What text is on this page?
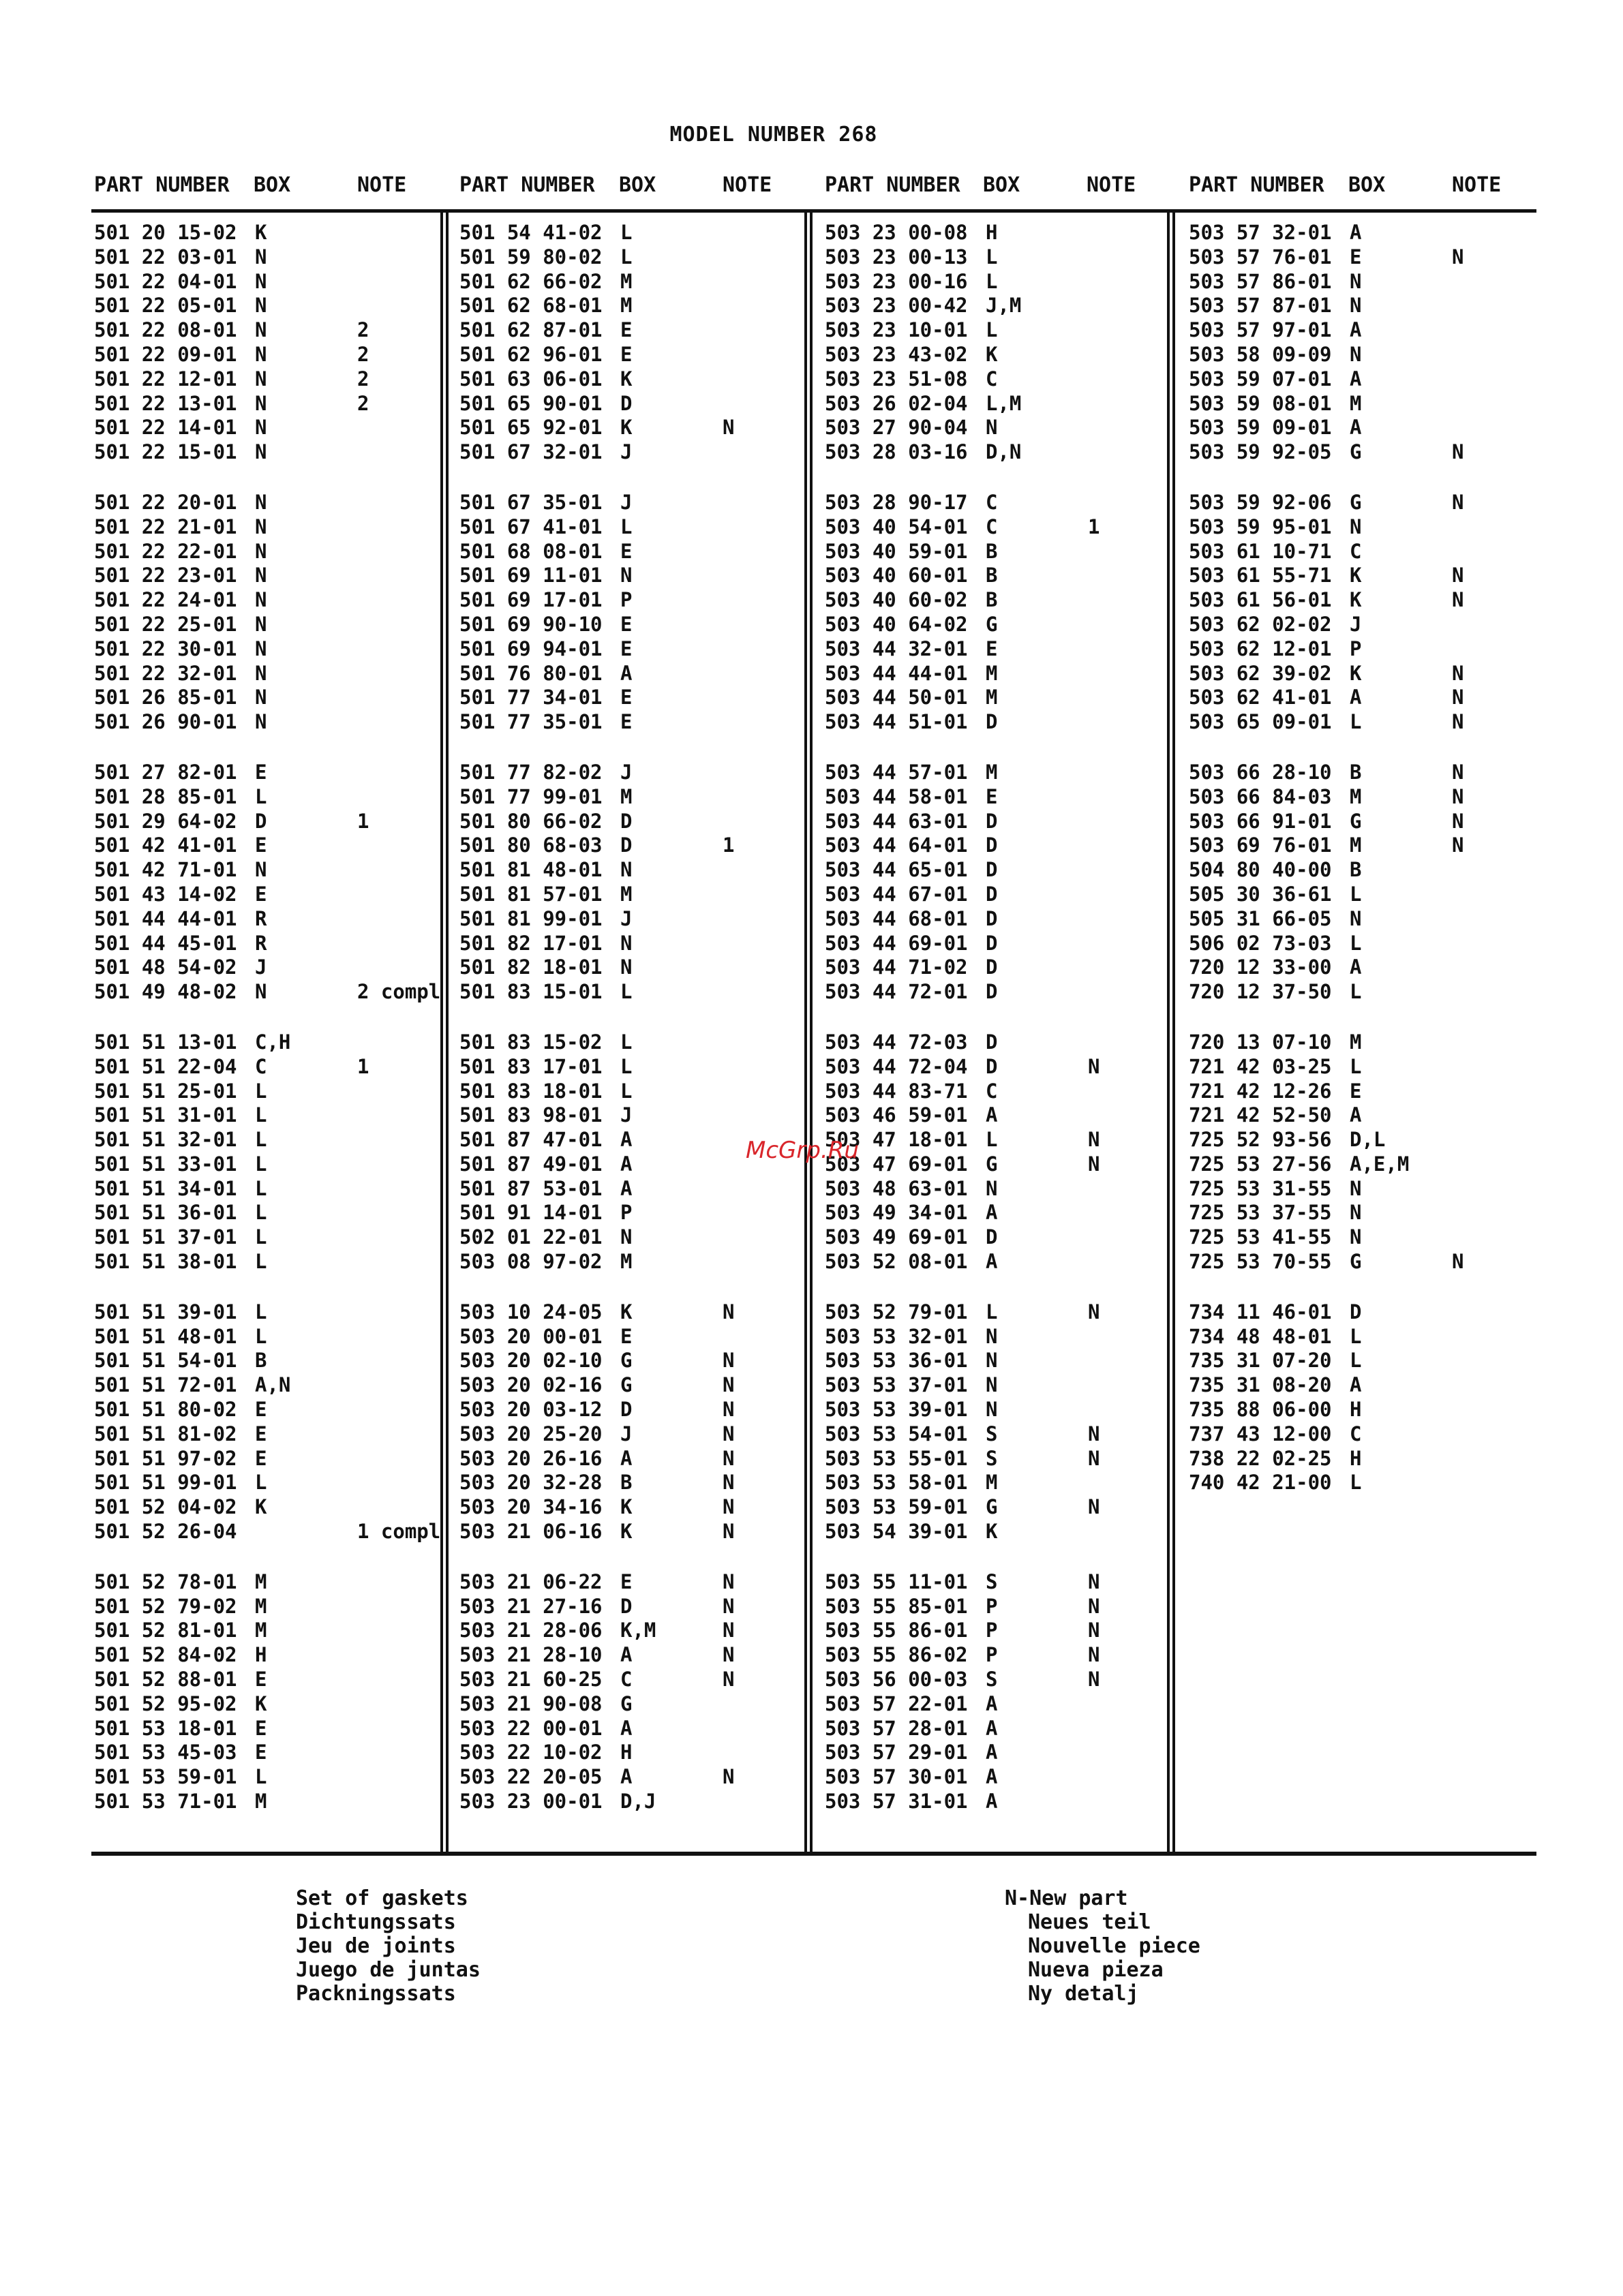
MODEL NUMBER 268
PART NUMBER BOX	NOTE	PART NUMBER BOX	NOTE	PART NUMBER BOX	NOTE	PART NUMBER BOX	NOTE
501 20 15-02 K
501 22 03-01 N
501 22 04-01 N
501 22 05-01 N
501 22 08-01 N	2
501 22 09-01 N	2
501 22 12-01 N	2
501 22 13-01 N	2
501 22 14-01 N
501 22 15-01 N
501 22 20-01 N
501 22 21-01 N
501 22 22-01 N
501 22 23-01 N
501 22 24-01 N
501 22 25-01 N
501 22 30-01 N
501 22 32-01 N
501 26 85-01 N
501 26 90-01 N
501 27 82-01 E
501 28 85-01 L
501 29 64-02 D	1
501 42 41-01 E
501 42 71-01 N
501 43 14-02 E
501 44 44-01 R
501 44 45-01 R
501 48 54-02 J
501 49 48-02 N	2 compl
501 51 13-01 C,H
501 51 22-04 C	1
501 51 25-01 L
501 51 31-01 L
501 51 32-01 L
501 51 33-01 L
501 51 34-01 L
501 51 36-01 L
501 51 37-01 L
501 51 38-01 L
501 51 39-01 L
501 51 48-01 L
501 51 54-01 B
501 51 72-01 A,N
501 51 80-02 E
501 51 81-02 E
501 51 97-02 E
501 51 99-01 L
501 52 04-02 K
501 52 26-04	1 compl
501 52 78-01 M
501 52 79-02 M
501 52 81-01 M
501 52 84-02 H
501 52 88-01 E
501 52 95-02 K
501 53 18-01 E
501 53 45-03 E
501 53 59-01 L
501 53 71-01 M
501 54 41-02 L
501 59 80-02 L
501 62 66-02 M
501 62 68-01 M
501 62 87-01 E
501 62 96-01 E
501 63 06-01 K
501 65 90-01 D
501 65 92-01 K	N
501 67 32-01 J
501 67 35-01 J
501 67 41-01 L
501 68 08-01 E
501 69 11-01 N
501 69 17-01 P
501 69 90-10 E
501 69 94-01 E
501 76 80-01 A
501 77 34-01 E
501 77 35-01 E
501 77 82-02 J
501 77 99-01 M
501 80 66-02 D
501 80 68-03 D	1
501 81 48-01 N
501 81 57-01 M
501 81 99-01 J
501 82 17-01 N
501 82 18-01 N
501 83 15-01 L
501 83 15-02 L
501 83 17-01 L
501 83 18-01 L
501 83 98-01 J
501 87 47-01 A
501 87 49-01 A
501 87 53-01 A
501 91 14-01 P
502 01 22-01 N
503 08 97-02 M
503 10 24-05 K	N
503 20 00-01 E
503 20 02-10 G	N
503 20 02-16 G	N
503 20 03-12 D	N
503 20 25-20 J	N
503 20 26-16 A	N
503 20 32-28 B	N
503 20 34-16 K	N
503 21 06-16 K	N
503 21 06-22 E	N
503 21 27-16 D	N
503 21 28-06 K,M	N
503 21 28-10 A	N
503 21 60-25 C	N
503 21 90-08 G
503 22 00-01 A
503 22 10-02 H
503 22 20-05 A	N
503 23 00-01 D,J
503 23 00-08 H
503 23 00-13 L
503 23 00-16 L
503 23 00-42 J,M
503 23 10-01 L
503 23 43-02 K
503 23 51-08 C
503 26 02-04 L,M
503 27 90-04 N
503 28 03-16 D,N
503 28 90-17 C
503 40 54-01 C	1
503 40 59-01 B
503 40 60-01 B
503 40 60-02 B
503 40 64-02 G
503 44 32-01 E
503 44 44-01 M
503 44 50-01 M
503 44 51-01 D
503 44 57-01 M
503 44 58-01 E
503 44 63-01 D
503 44 64-01 D
503 44 65-01 D
503 44 67-01 D
503 44 68-01 D
503 44 69-01 D
503 44 71-02 D
503 44 72-01 D
503 44 72-03 D
503 44 72-04 D	N
503 44 83-71 C
503 46 59-01 A
503 47 18-01 L	N
503 47 69-01 G	N
503 48 63-01 N
503 49 34-01 A
503 49 69-01 D
503 52 08-01 A
503 52 79-01 L	N
503 53 32-01 N
503 53 36-01 N
503 53 37-01 N
503 53 39-01 N
503 53 54-01 S	N
503 53 55-01 S	N
503 53 58-01 M
503 53 59-01 G	N
503 54 39-01 K
503 55 11-01 S	N
503 55 85-01 P	N
503 55 86-01 P	N
503 55 86-02 P	N
503 56 00-03 S	N
503 57 22-01 A
503 57 28-01 A
503 57 29-01 A
503 57 30-01 A
503 57 31-01 A
503 57 32-01 A
503 57 76-01 E	N
503 57 86-01 N
503 57 87-01 N
503 57 97-01 A
503 58 09-09 N
503 59 07-01 A
503 59 08-01 M
503 59 09-01 A
503 59 92-05 G	N
503 59 92-06 G	N
503 59 95-01 N
503 61 10-71 C
503 61 55-71 K	N
503 61 56-01 K	N
503 62 02-02 J
503 62 12-01 P
503 62 39-02 K	N
503 62 41-01 A	N
503 65 09-01 L	N
503 66 28-10 B	N
503 66 84-03 M	N
503 66 91-01 G	N
503 69 76-01 M	N
504 80 40-00 B
505 30 36-61 L
505 31 66-05 N
506 02 73-03 L
720 12 33-00 A
720 12 37-50 L
720 13 07-10 M
721 42 03-25 L
721 42 12-26 E
721 42 52-50 A
725 52 93-56 D,L
725 53 27-56 A,E,M
725 53 31-55 N
725 53 37-55 N
725 53 41-55 N
725 53 70-55 G	N
734 11 46-01 D
734 48 48-01 L
735 31 07-20 L
735 31 08-20 A
735 88 06-00 H
737 43 12-00 C
738 22 02-25 H
740 42 21-00 L
Set of gaskets
Dichtungssats
Jeu de joints
Juego de juntas
Packningssats
N-New part
Neues teil
Nouvelle piece
Nueva pieza
Ny detalj
McGrp.Ru
